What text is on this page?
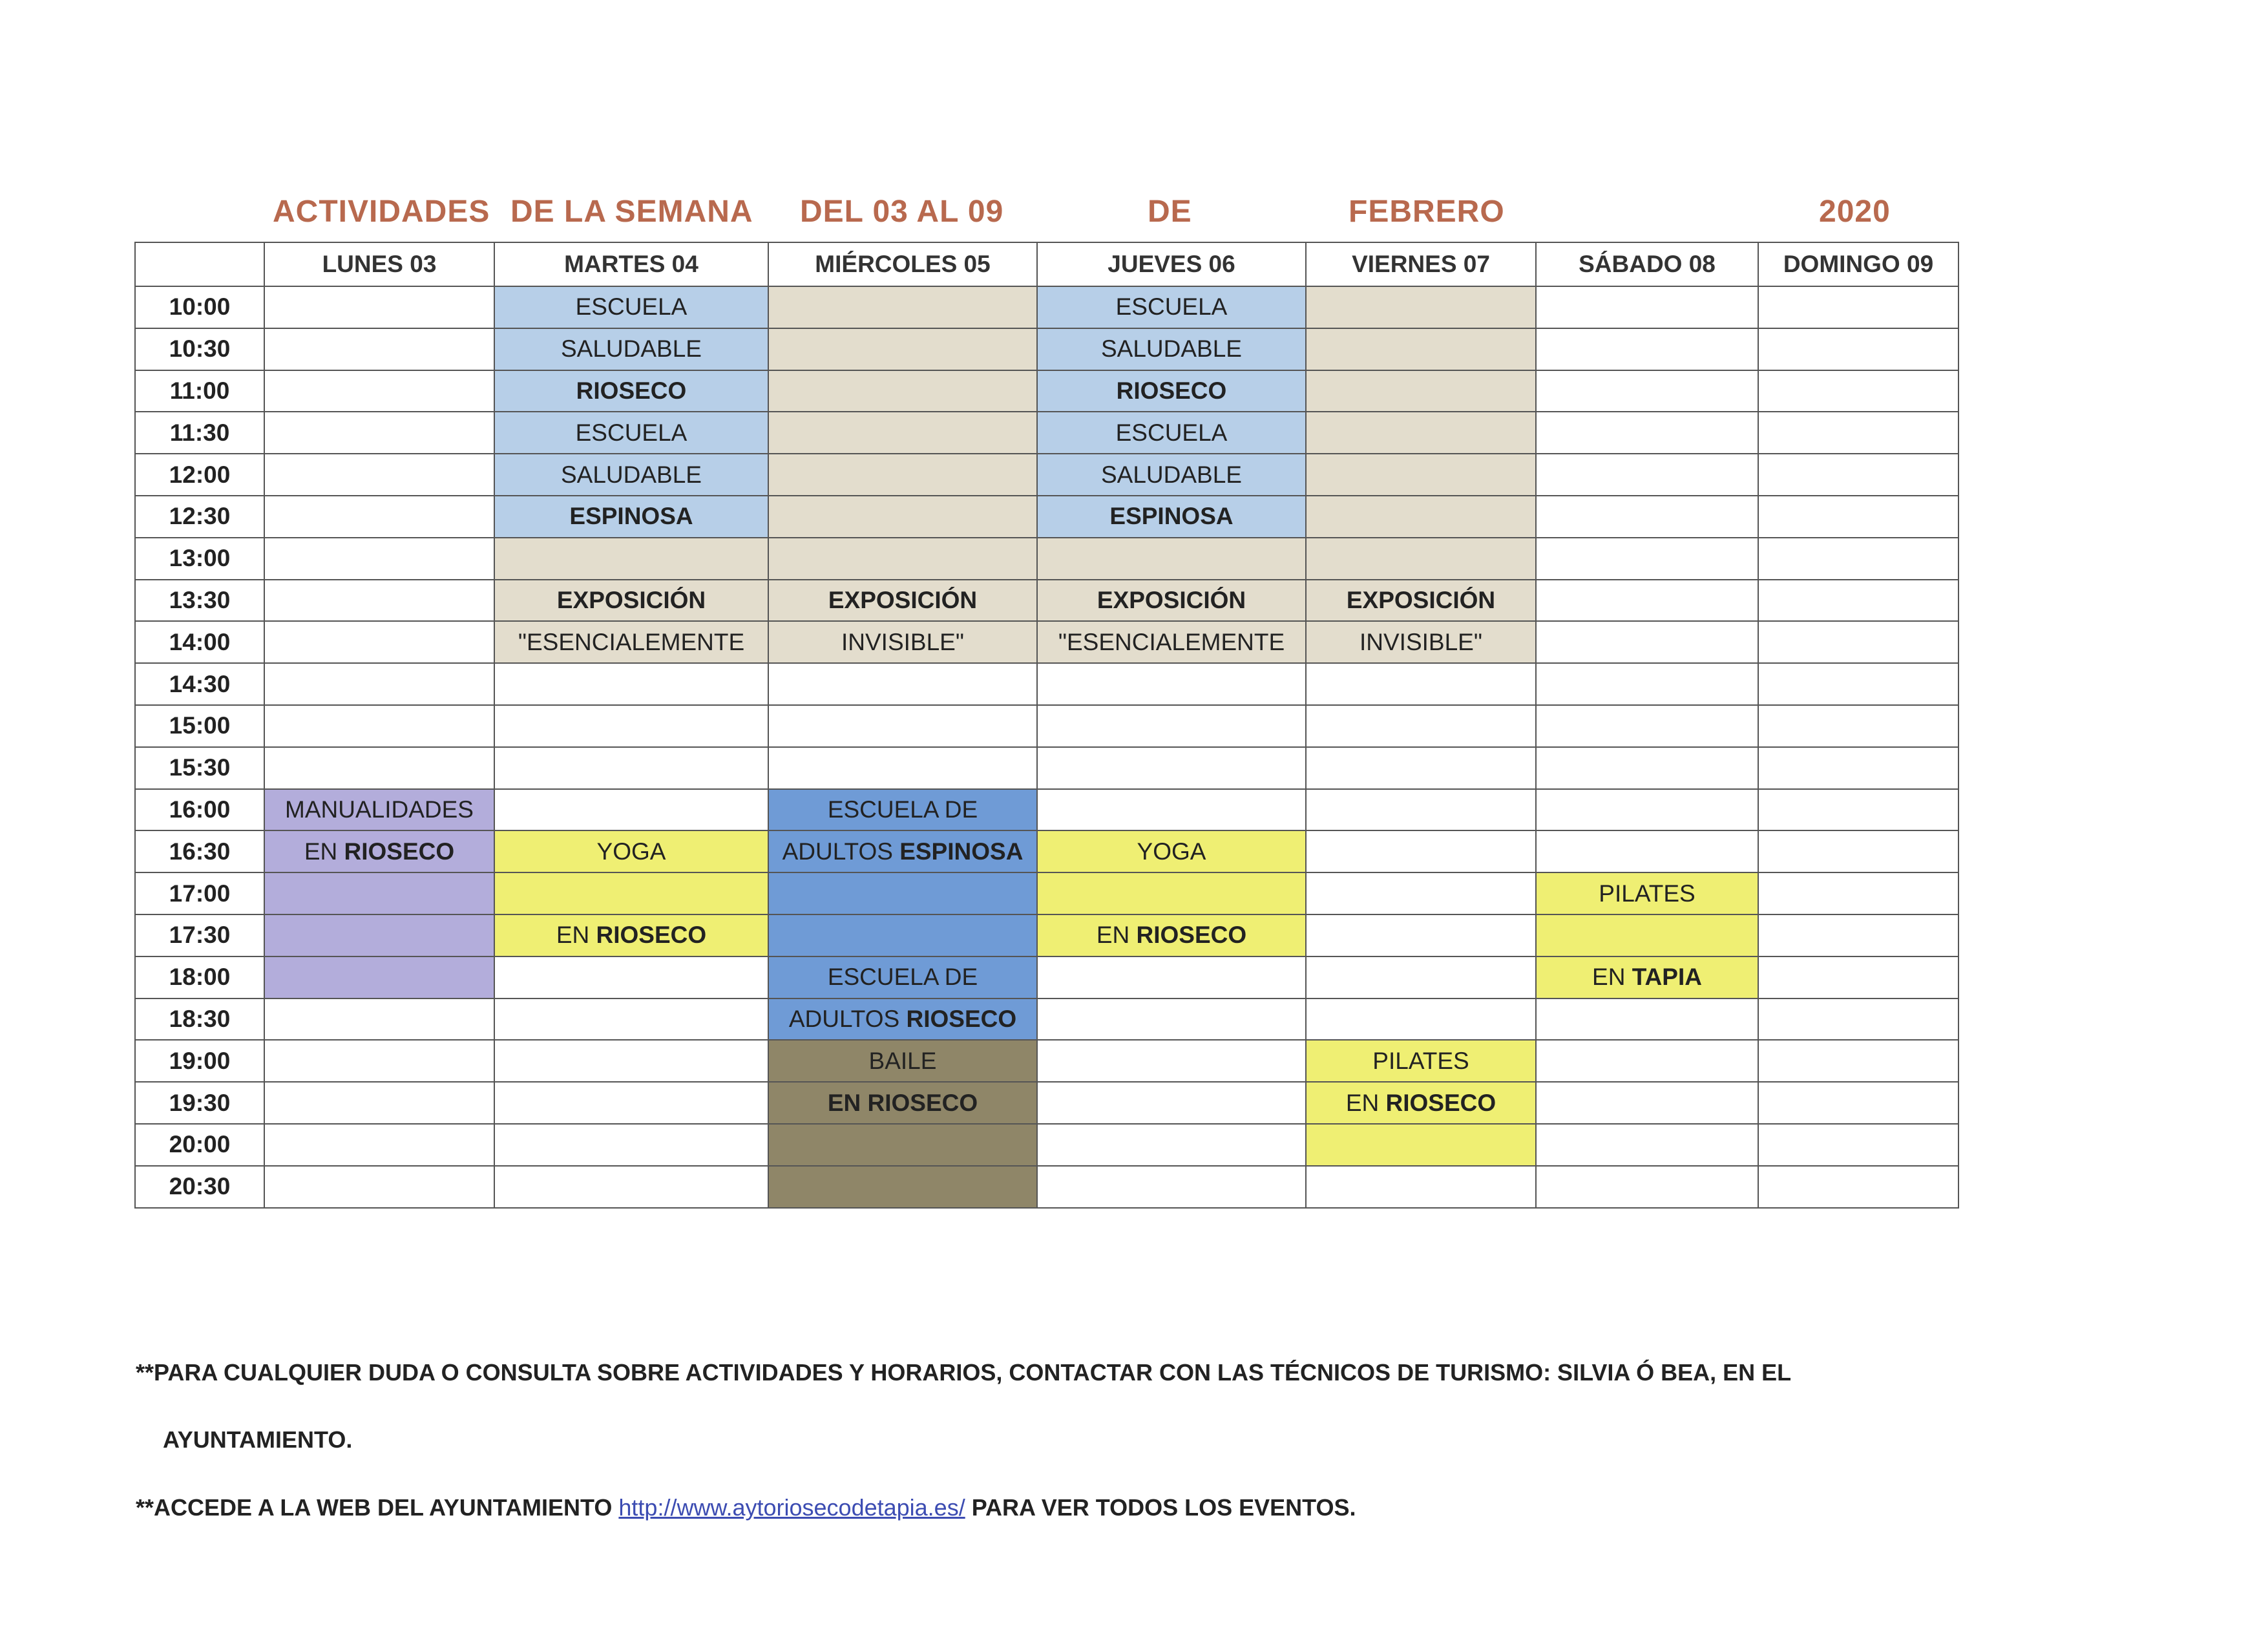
ACTIVIDADES DE LA SEMANA DEL 03 AL 09	DE	FEBRERO	2020
	LUNES 03	MARTES 04	MIÉRCOLES 05	JUEVES 06	VIERNES 07	SÁBADO 08	DOMINGO 09
10:00		ESCUELA		ESCUELA			
10:30		SALUDABLE		SALUDABLE			
11:00		RIOSECO		RIOSECO			
11:30		ESCUELA		ESCUELA			
12:00		SALUDABLE		SALUDABLE			
12:30		ESPINOSA		ESPINOSA			
13:00							
13:30		EXPOSICIÓN	EXPOSICIÓN	EXPOSICIÓN	EXPOSICIÓN		
14:00		"ESENCIALEMENTE	INVISIBLE"	"ESENCIALEMENTE	INVISIBLE"		
14:30							
15:00							
15:30							
16:00	MANUALIDADES		ESCUELA DE				
16:30	EN RIOSECO	YOGA	ADULTOS ESPINOSA	YOGA			
17:00						PILATES	
17:30		EN RIOSECO		EN RIOSECO			
18:00			ESCUELA DE			EN TAPIA	
18:30			ADULTOS RIOSECO				
19:00			BAILE		PILATES		
19:30			EN RIOSECO		EN RIOSECO		
20:00							
20:30							
**PARA CUALQUIER DUDA O CONSULTA SOBRE ACTIVIDADES Y HORARIOS, CONTACTAR CON LAS TÉCNICOS DE TURISMO: SILVIA Ó BEA, EN EL
AYUNTAMIENTO.
**ACCEDE A LA WEB DEL AYUNTAMIENTO http://www.aytoriosecodetapia.es/ PARA VER TODOS LOS EVENTOS.
